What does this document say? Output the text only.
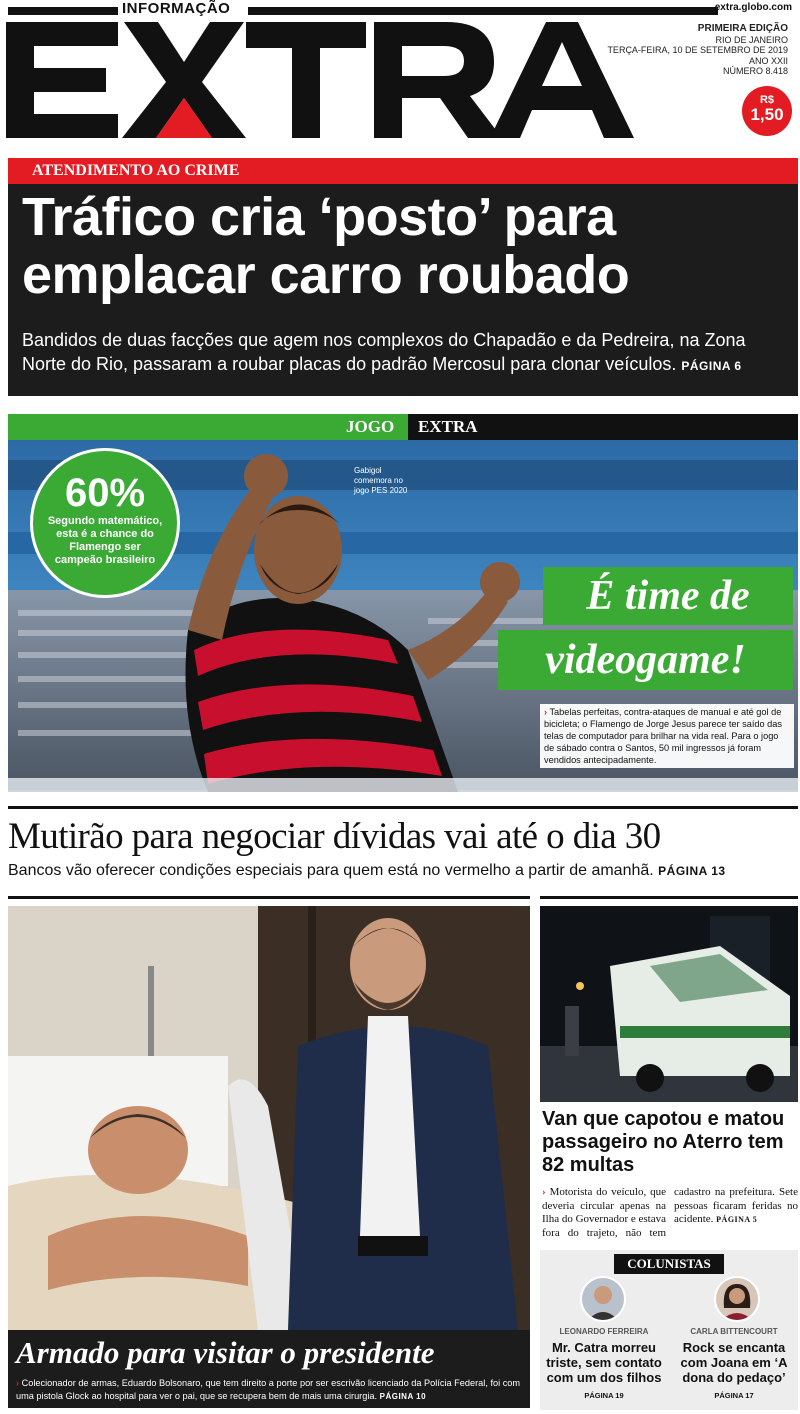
INFORMAÇÃO	extra.globo.com
PRIMEIRA EDIÇÃO
RIO DE JANEIRO
TERÇA-FEIRA, 10 DE SETEMBRO DE 2019
ANO XXII
NÚMERO 8.418
R$
1,50
ATENDIMENTO AO CRIME
Tráfico cria ‘posto’ para
emplacar carro roubado
Bandidos de duas facções que agem nos complexos do Chapadão e da Pedreira, na Zona Norte do Rio, passaram a roubar placas do padrão Mercosul para clonar veículos. PÁGINA 6
JOGO EXTRA
60%
Segundo matemático, esta é a chance do Flamengo ser campeão brasileiro
Gabigol comemora no jogo PES 2020
É time de
videogame!
› Tabelas perfeitas, contra-ataques de manual e até gol de bicicleta; o Flamengo de Jorge Jesus parece ter saído das telas de computador para brilhar na vida real. Para o jogo de sábado contra o Santos, 50 mil ingressos já foram vendidos antecipadamente.
Mutirão para negociar dívidas vai até o dia 30
Bancos vão oferecer condições especiais para quem está no vermelho a partir de amanhã. PÁGINA 13
Armado para visitar o presidente
› Colecionador de armas, Eduardo Bolsonaro, que tem direito a porte por ser escrivão licenciado da Polícia Federal, foi com uma pistola Glock ao hospital para ver o pai, que se recupera bem de mais uma cirurgia. PÁGINA 10
Van que capotou e matou passageiro no Aterro tem 82 multas
› Motorista do veículo, que deveria circular apenas na Ilha do Governador e estava fora do trajeto, não tem cadastro na prefeitura. Sete pessoas ficaram feridas no acidente. PÁGINA 5
COLUNISTAS
LEONARDO FERREIRA
Mr. Catra morreu triste, sem contato com um dos filhos
PÁGINA 19
CARLA BITTENCOURT
Rock se encanta com Joana em ‘A dona do pedaço’
PÁGINA 17
